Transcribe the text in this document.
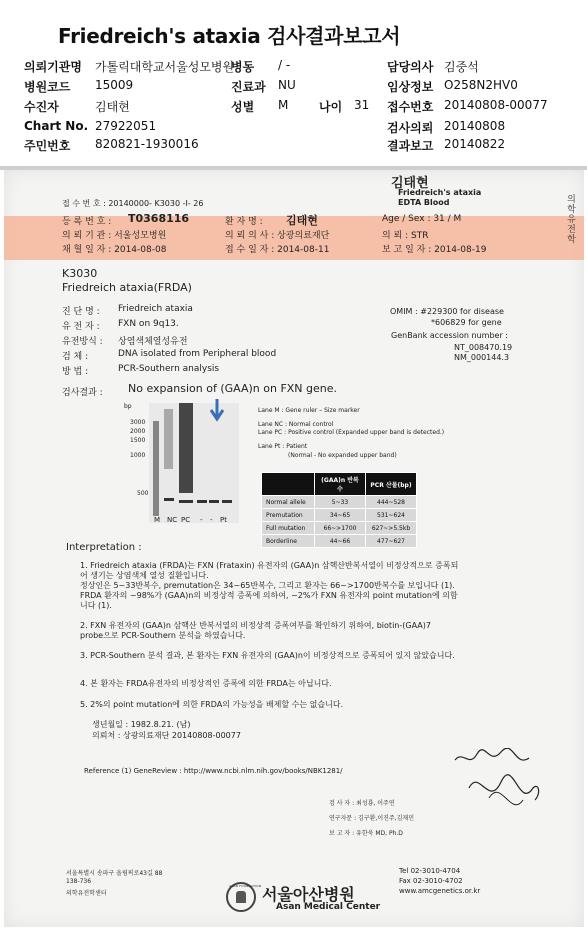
Friedreich's ataxia 검사결과보고서
의뢰기관명 가톨릭대학교서울성모병원
병동 / -	담당의사 김중석
병원코드 15009	진료과 NU	임상정보 O258N2HV0
수진자	김태현	성별 M	나이 31 접수번호 20140808-00077
Chart No. 27922051	검사의뢰 20140808
주민번호 820821-1930016	결과보고 20140822
김태현
Friedreich's ataxia
EDTA Blood	의학유전학
접 수 번 호 : 20140000- K3030 -I- 26
등 록 번 호 : T0368116	환 자 명 : 김태현	Age / Sex : 31 / M
의 뢰 기 관 : 서울성모병원	의 뢰 의 사 : 상광의료재단	의 뢰 : STR
채 혈 일 자 : 2014-08-08	접 수 일 자 : 2014-08-11	보 고 일 자 : 2014-08-19
K3030
Friedreich ataxia(FRDA)
진 단 명 : Friedreich ataxia
유 전 자 : FXN on 9q13.
유전방식 : 상염색체열성유전
검 체 :	DNA isolated from Peripheral blood
방 법 :	PCR-Southern analysis
OMIM : #229300 for disease
*606829 for gene
GenBank accession number :
NT_008470.19
NM_000144.3
검사결과 : No expansion of (GAA)n on FXN gene.
bp
3000
2000
1500
1000
500
M NC PC - - Pt
Lane M : Gene ruler – Size marker
Lane NC : Normal control
Lane PC : Positive control (Expanded upper band is detected.)
Lane Pt : Patient
(Normal - No expanded upper band)
	(GAA)n 반복 수	PCR 산물(bp)
Normal allele	5~33	444~528
Premutation	34~65	531~624
Full mutation	66~>1700	627~>5.5kb
Borderline	44~66	477~627
Interpretation :
1. Friedreich ataxia (FRDA)는 FXN (Frataxin) 유전자의 (GAA)n 삼핵산반복서열이 비정상적으로 증폭되
어 생기는 상염색체 열성 질환입니다.
정상인은 5~33반복수, premutation은 34~65반복수, 그리고 환자는 66~>1700반복수를 보입니다 (1).
FRDA 환자의 ~98%가 (GAA)n의 비정상적 증폭에 의하여, ~2%가 FXN 유전자의 point mutation에 의함
니다 (1).
2. FXN 유전자의 (GAA)n 삼핵산 반복서열의 비정상적 증폭여부를 확인하기 위하여, biotin-(GAA)7
probe으로 PCR-Southern 분석을 하였습니다.
3. PCR-Southern 분석 결과, 본 환자는 FXN 유전자의 (GAA)n이 비정상적으로 증폭되어 있지 않았습니다.
4. 본 환자는 FRDA유전자의 비정상적인 증폭에 의한 FRDA는 아닙니다.
5. 2%의 point mutation에 의한 FRDA의 가능성을 배제할 수는 없습니다.
생년월일 : 1982.8.21. (남)
의뢰처 : 상광의료재단 20140808-00077
Reference (1) GeneReview : http://www.ncbi.nlm.nih.gov/books/NBK1281/
검 사 자 : 최성룡, 이주연
연구자문 : 김구환,이진주,김재민
보 고 자 : 유한욱 MD, Ph.D
서울특별시 송파구 올림픽로43길 88
138-736
의학유전학센터
ASAN FOUNDATION 서울아산병원
Asan Medical Center
Tel 02-3010-4704
Fax 02-3010-4702
www.amcgenetics.or.kr
